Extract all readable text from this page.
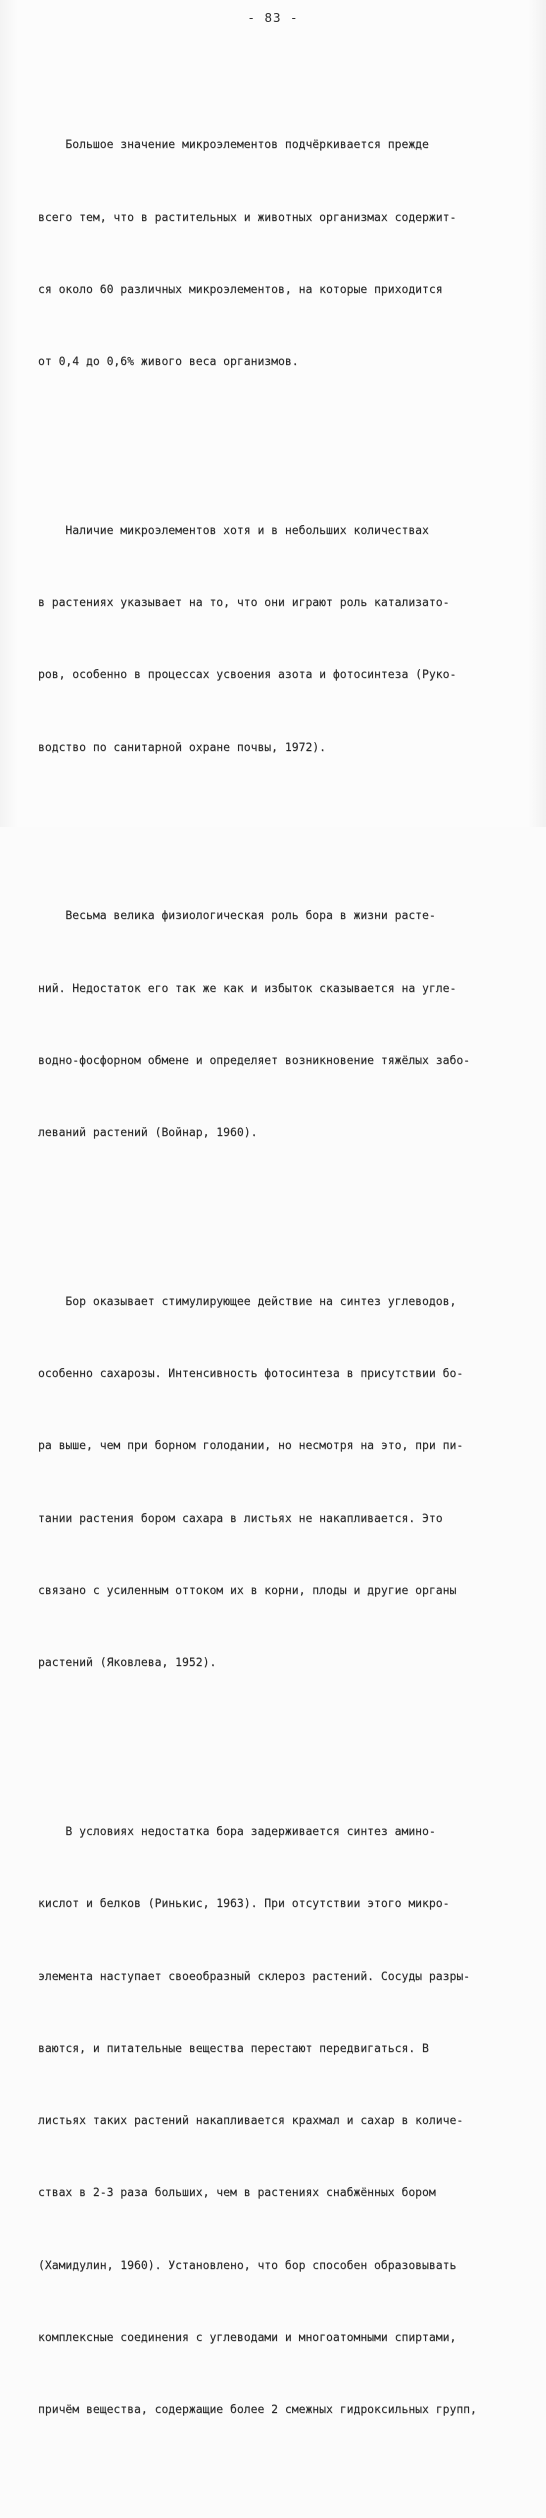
- 83 -

Большое значение микроэлементов подчёркивается прежде

всего тем, что в растительных и животных организмах содержит-

ся около 60 различных микроэлементов, на которые приходится

от 0,4 до 0,6% живого веса организмов.

Наличие микроэлементов хотя и в небольших количествах

в растениях указывает на то, что они играют роль катализато-

ров, особенно в процессах усвоения азота и фотосинтеза (Руко-

водство по санитарной охране почвы, 1972).

Весьма велика физиологическая роль бора в жизни расте-

ний. Недостаток его так же как и избыток сказывается на угле-

водно-фосфорном обмене и определяет возникновение тяжёлых забо-

леваний растений (Войнар, 1960).

Бор оказывает стимулирующее действие на синтез углеводов,

особенно сахарозы. Интенсивность фотосинтеза в присутствии бо-

ра выше, чем при борном голодании, но несмотря на это, при пи-

тании растения бором сахара в листьях не накапливается. Это

связано с усиленным оттоком их в корни, плоды и другие органы

растений (Яковлева, 1952).

В условиях недостатка бора задерживается синтез амино-

кислот и белков (Ринькис, 1963). При отсутствии этого микро-

элемента наступает своеобразный склероз растений. Сосуды разры-

ваются, и питательные вещества перестают передвигаться. В

листьях таких растений накапливается крахмал и сахар в количе-

ствах в 2-3 раза больших, чем в растениях снабжённых бором

(Хамидулин, 1960). Установлено, что бор способен образовывать

комплексные соединения с углеводами и многоатомными спиртами,

причём вещества, содержащие более 2 смежных гидроксильных групп,
